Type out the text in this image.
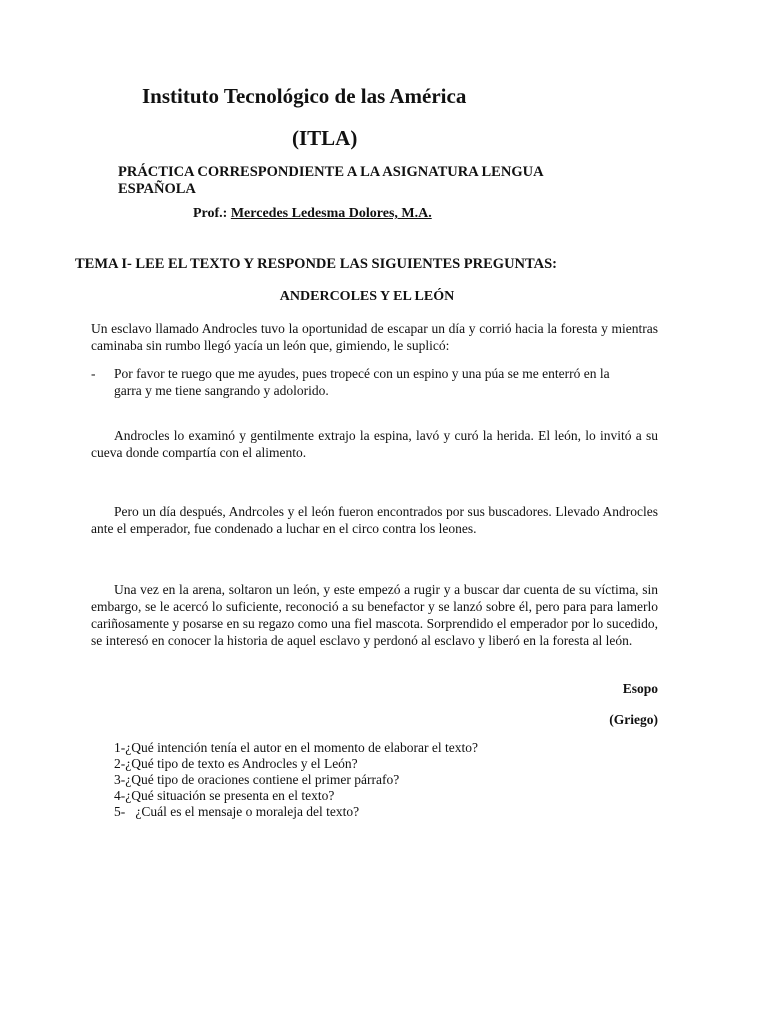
Instituto Tecnológico de las América
(ITLA)

PRÁCTICA CORRESPONDIENTE A LA ASIGNATURA LENGUA ESPAÑOLA

Prof.: Mercedes Ledesma Dolores, M.A.

TEMA I- LEE EL TEXTO Y RESPONDE LAS SIGUIENTES PREGUNTAS:

ANDERCOLES Y EL LEÓN

Un esclavo llamado Androcles tuvo la oportunidad de escapar un día y corrió hacia la foresta y mientras caminaba sin rumbo llegó yacía un león que, gimiendo, le suplicó:

- Por favor te ruego que me ayudes, pues tropecé con un espino y una púa se me enterró en la garra y me tiene sangrando y adolorido.

Androcles lo examinó y gentilmente extrajo la espina, lavó y curó la herida. El león, lo invitó a su cueva donde compartía con el alimento.

Pero un día después, Andrcoles y el león fueron encontrados por sus buscadores. Llevado Androcles ante el emperador, fue condenado a luchar en el circo contra los leones.

Una vez en la arena, soltaron un león, y este empezó a rugir y a buscar dar cuenta de su víctima, sin embargo, se le acercó lo suficiente, reconoció a su benefactor y se lanzó sobre él, pero para para lamerlo cariñosamente y posarse en su regazo como una fiel mascota. Sorprendido el emperador por lo sucedido, se interesó en conocer la historia de aquel esclavo y perdonó al esclavo y liberó en la foresta al león.

Esopo

(Griego)

1-¿Qué intención tenía el autor en el momento de elaborar el texto?
2-¿Qué tipo de texto es Androcles y el León?
3-¿Qué tipo de oraciones contiene el primer párrafo?
4-¿Qué situación se presenta en el texto?
5-   ¿Cuál es el mensaje o moraleja del texto?
